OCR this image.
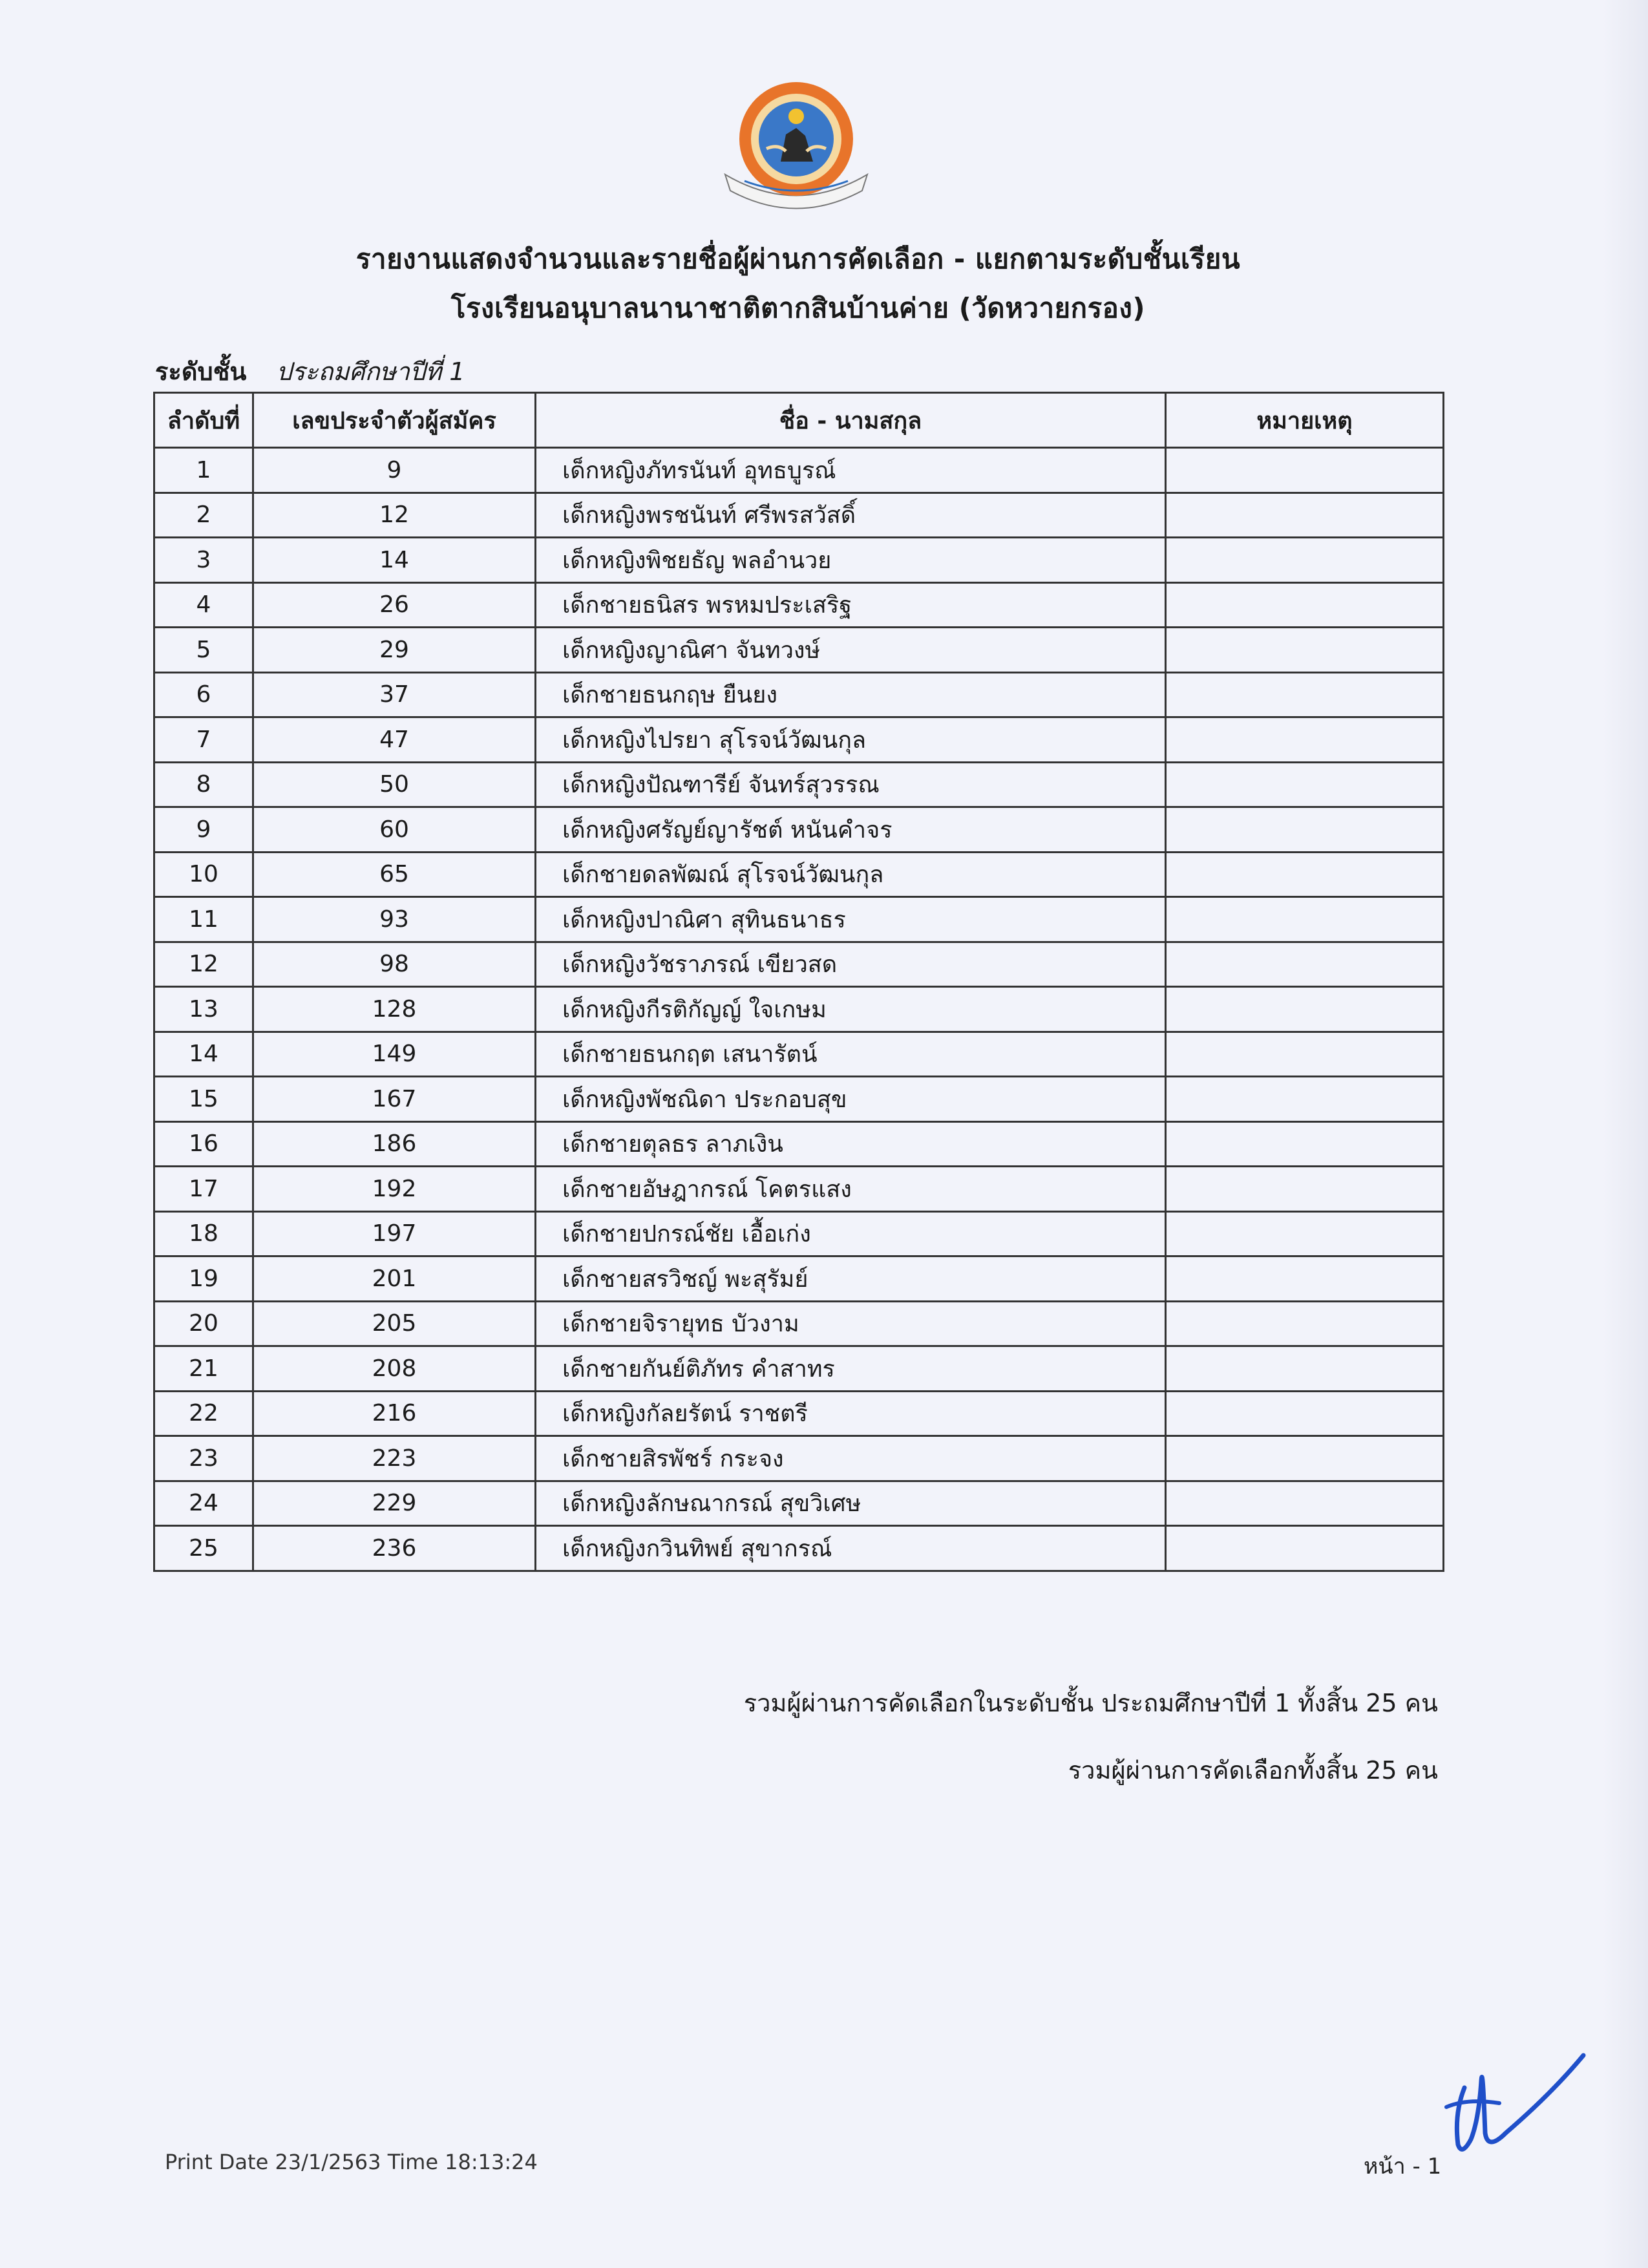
รายงานแสดงจำนวนและรายชื่อผู้ผ่านการคัดเลือก - แยกตามระดับชั้นเรียน
โรงเรียนอนุบาลนานาชาติตากสินบ้านค่าย (วัดหวายกรอง)
ระดับชั้น ประถมศึกษาปีที่ 1
ลำดับที่	เลขประจำตัวผู้สมัคร	ชื่อ - นามสกุล	หมายเหตุ
1	9	เด็กหญิงภัทรนันท์ อุทธบูรณ์	
2	12	เด็กหญิงพรชนันท์ ศรีพรสวัสดิ์	
3	14	เด็กหญิงพิชยธัญ พลอำนวย	
4	26	เด็กชายธนิสร พรหมประเสริฐ	
5	29	เด็กหญิงญาณิศา จันทวงษ์	
6	37	เด็กชายธนกฤษ ยืนยง	
7	47	เด็กหญิงไปรยา สุโรจน์วัฒนกุล	
8	50	เด็กหญิงปัณฑารีย์ จันทร์สุวรรณ	
9	60	เด็กหญิงศรัญย์ญารัชต์ หนันคำจร	
10	65	เด็กชายดลพัฒณ์ สุโรจน์วัฒนกุล	
11	93	เด็กหญิงปาณิศา สุทินธนาธร	
12	98	เด็กหญิงวัชราภรณ์ เขียวสด	
13	128	เด็กหญิงกีรติกัญญ์ ใจเกษม	
14	149	เด็กชายธนกฤต เสนารัตน์	
15	167	เด็กหญิงพัชณิดา ประกอบสุข	
16	186	เด็กชายตุลธร ลาภเงิน	
17	192	เด็กชายอัษฎากรณ์ โคตรแสง	
18	197	เด็กชายปกรณ์ชัย เอื้อเก่ง	
19	201	เด็กชายสรวิชญ์ พะสุรัมย์	
20	205	เด็กชายจิรายุทธ บัวงาม	
21	208	เด็กชายกันย์ติภัทร คำสาทร	
22	216	เด็กหญิงกัลยรัตน์ ราชตรี	
23	223	เด็กชายสิรพัชร์ กระจง	
24	229	เด็กหญิงลักษณากรณ์ สุขวิเศษ	
25	236	เด็กหญิงกวินทิพย์ สุขากรณ์	
รวมผู้ผ่านการคัดเลือกในระดับชั้น ประถมศึกษาปีที่ 1 ทั้งสิ้น 25 คน
รวมผู้ผ่านการคัดเลือกทั้งสิ้น 25 คน
Print Date 23/1/2563 Time 18:13:24	หน้า - 1
